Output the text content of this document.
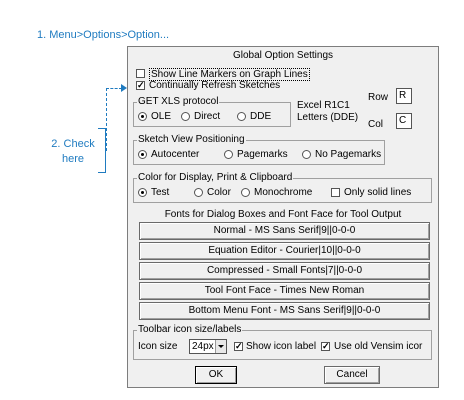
1. Menu>Options>Option...
2. Check
here
Global Option Settings
Show Line Markers on Graph Lines
✓ Continually Refresh Sketches
GET XLS protocol
OLE Direct	DDE
Excel R1C1
Letters (DDE)
Row	R
Col	C
Sketch View Positioning
Autocenter	Pagemarks	No Pagemarks
Color for Display, Print & Clipboard
Test	Color Monochrome	Only solid lines
Fonts for Dialog Boxes and Font Face for Tool Output
Normal - MS Sans Serif|9||0-0-0
Equation Editor - Courier|10||0-0-0
Compressed - Small Fonts|7||0-0-0
Tool Font Face - Times New Roman
Bottom Menu Font - MS Sans Serif|9||0-0-0
Toolbar icon size/labels
Icon size	24px	✓ Show icon label ✓ Use old Vensim icor
OK	Cancel
